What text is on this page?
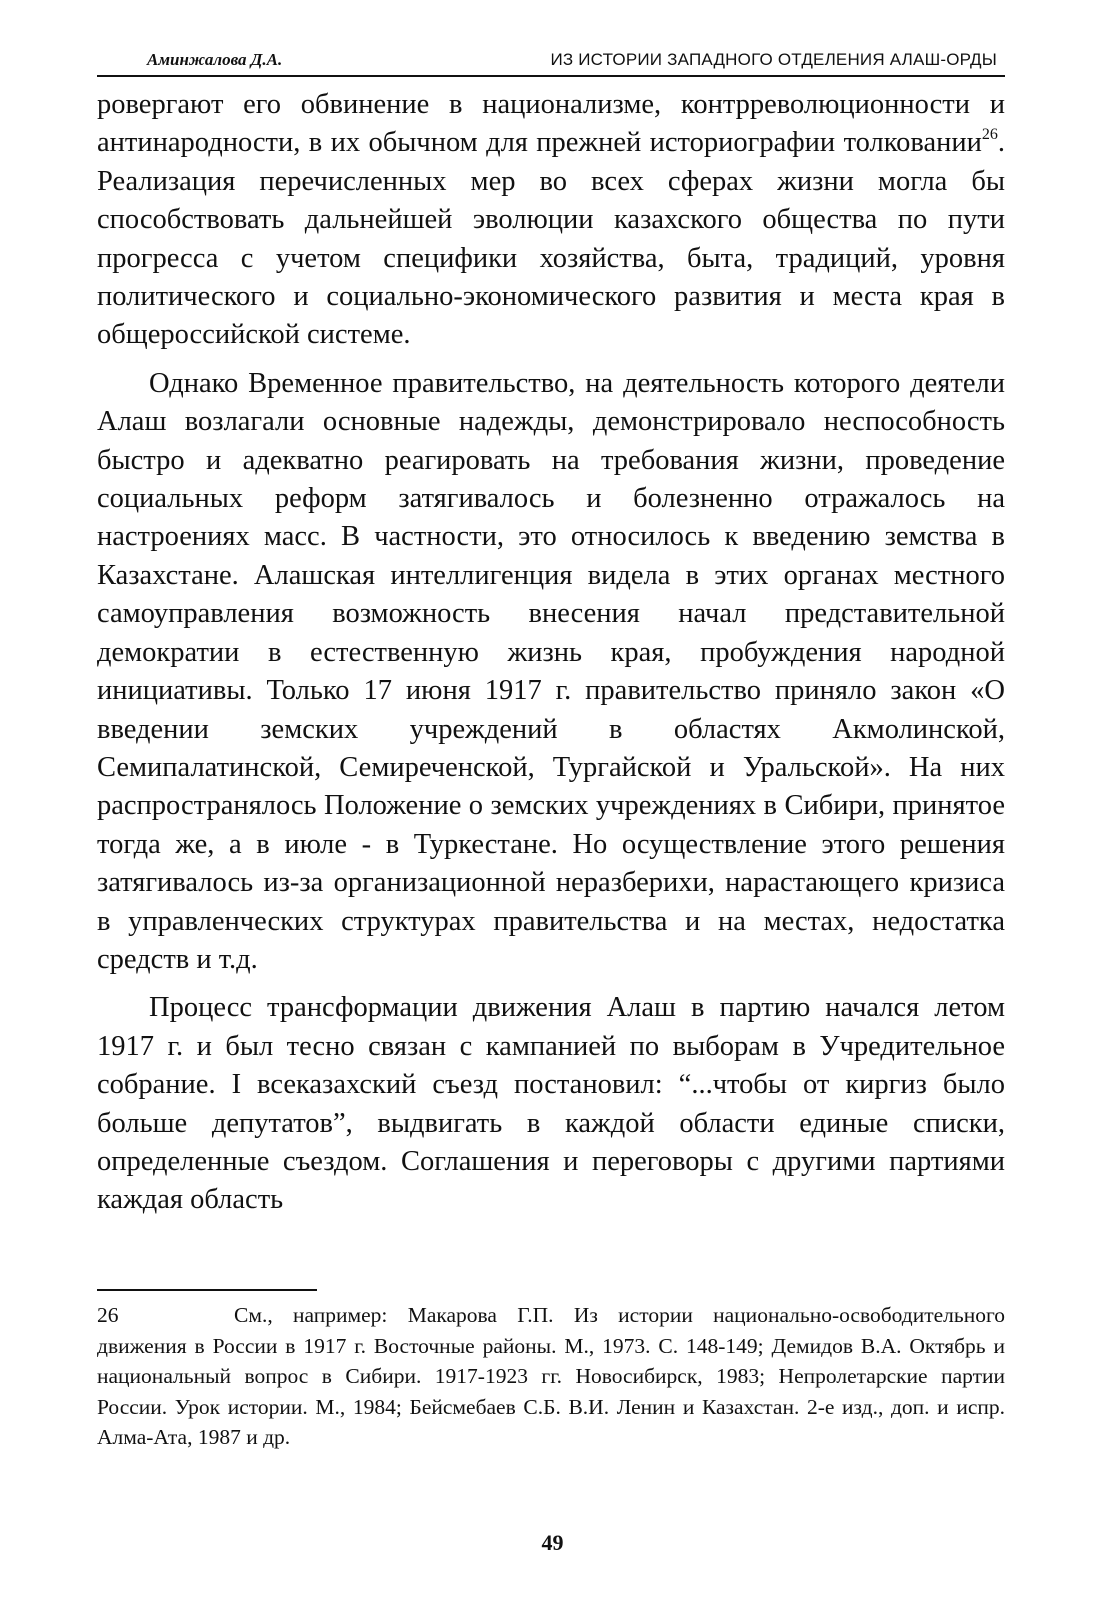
Аминжалова Д.А.	ИЗ ИСТОРИИ ЗАПАДНОГО ОТДЕЛЕНИЯ АЛАШ-ОРДЫ

ровергают его обвинение в национализме, контрреволюционности и антинародности, в их обычном для прежней историографии толковании$^{26}$. Реализация перечисленных мер во всех сферах жизни могла бы способствовать дальнейшей эволюции казахского общества по пути прогресса с учетом специфики хозяйства, быта, традиций, уровня политического и социально-экономического развития и места края в общероссийской системе.

Однако Временное правительство, на деятельность которого деятели Алаш возлагали основные надежды, демонстрировало неспособность быстро и адекватно реагировать на требования жизни, проведение социальных реформ затягивалось и болезненно отражалось на настроениях масс. В частности, это относилось к введению земства в Казахстане. Алашская интеллигенция видела в этих органах местного самоуправления возможность внесения начал представительной демократии в естественную жизнь края, пробуждения народной инициативы. Только 17 июня 1917 г. правительство приняло закон «О введении земских учреждений в областях Акмолинской, Семипалатинской, Семиреченской, Тургайской и Уральской». На них распространялось Положение о земских учреждениях в Сибири, принятое тогда же, а в июле - в Туркестане. Но осуществление этого решения затягивалось из-за организационной неразберихи, нарастающего кризиса в управленческих структурах правительства и на местах, недостатка средств и т.д.

Процесс трансформации движения Алаш в партию начался летом 1917 г. и был тесно связан с кампанией по выборам в Учредительное собрание. I всеказахский съезд постановил: “...чтобы от киргиз было больше депутатов”, выдвигать в каждой области единые списки, определенные съездом. Соглашения и переговоры с другими партиями каждая область

26	См., например: Макарова Г.П. Из истории национально-освободительного движения в России в 1917 г. Восточные районы. М., 1973. С. 148-149; Демидов В.А. Октябрь и национальный вопрос в Сибири. 1917-1923 гг. Новосибирск, 1983; Непролетарские партии России. Урок истории. М., 1984; Бейсмебаев С.Б. В.И. Ленин и Казахстан. 2-е изд., доп. и испр. Алма-Ата, 1987 и др.
49
